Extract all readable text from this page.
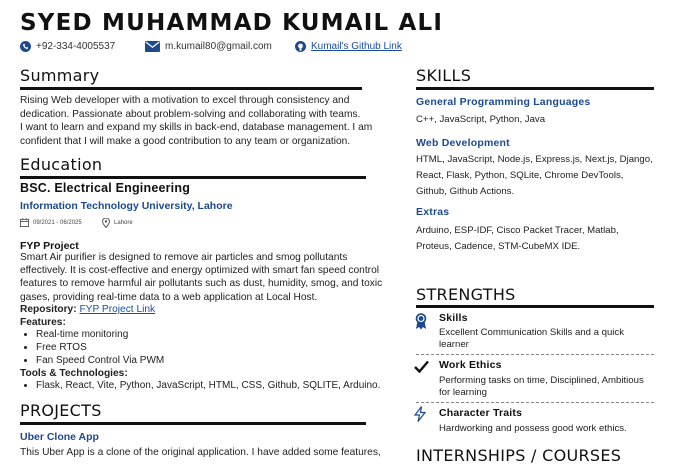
SYED MUHAMMAD KUMAIL ALI
+92-334-4005537	m.kumail80@gmail.com	Kumail's Github Link
Summary
Rising Web developer with a motivation to excel through consistency and
dedication. Passionate about problem-solving and collaborating with teams.
I want to learn and expand my skills in back-end, database management. I am
confident that I will make a good contribution to any team or organization.
Education
BSC. Electrical Engineering
Information Technology University, Lahore
09/2021 - 06/2025	Lahore
FYP Project
Smart Air purifier is designed to remove air particles and smog pollutants
effectively. It is cost-effective and energy optimized with smart fan speed control
features to remove harmful air pollutants such as dust, humidity, smog, and toxic
gases, providing real-time data to a web application at Local Host.
Repository: FYP Project Link
Features:
• Real-time monitoring
• Free RTOS
• Fan Speed Control Via PWM
Tools & Technologies:
• Flask, React, Vite, Python, JavaScript, HTML, CSS, Github, SQLITE, Arduino.
PROJECTS
Uber Clone App
This Uber App is a clone of the original application. I have added some features,
SKILLS
General Programming Languages
C++, JavaScript, Python, Java
Web Development
HTML, JavaScript, Node.js, Express.js, Next.js, Django, React, Flask, Python, SQLite, Chrome DevTools, Github, Github Actions.
Extras
Arduino, ESP-IDF, Cisco Packet Tracer, Matlab, Proteus, Cadence, STM-CubeMX IDE.
STRENGTHS
Skills
Excellent Communication Skills and a quick learner
Work Ethics
Performing tasks on time, Disciplined, Ambitious for learning
Character Traits
Hardworking and possess good work ethics.
INTERNSHIPS / COURSES
